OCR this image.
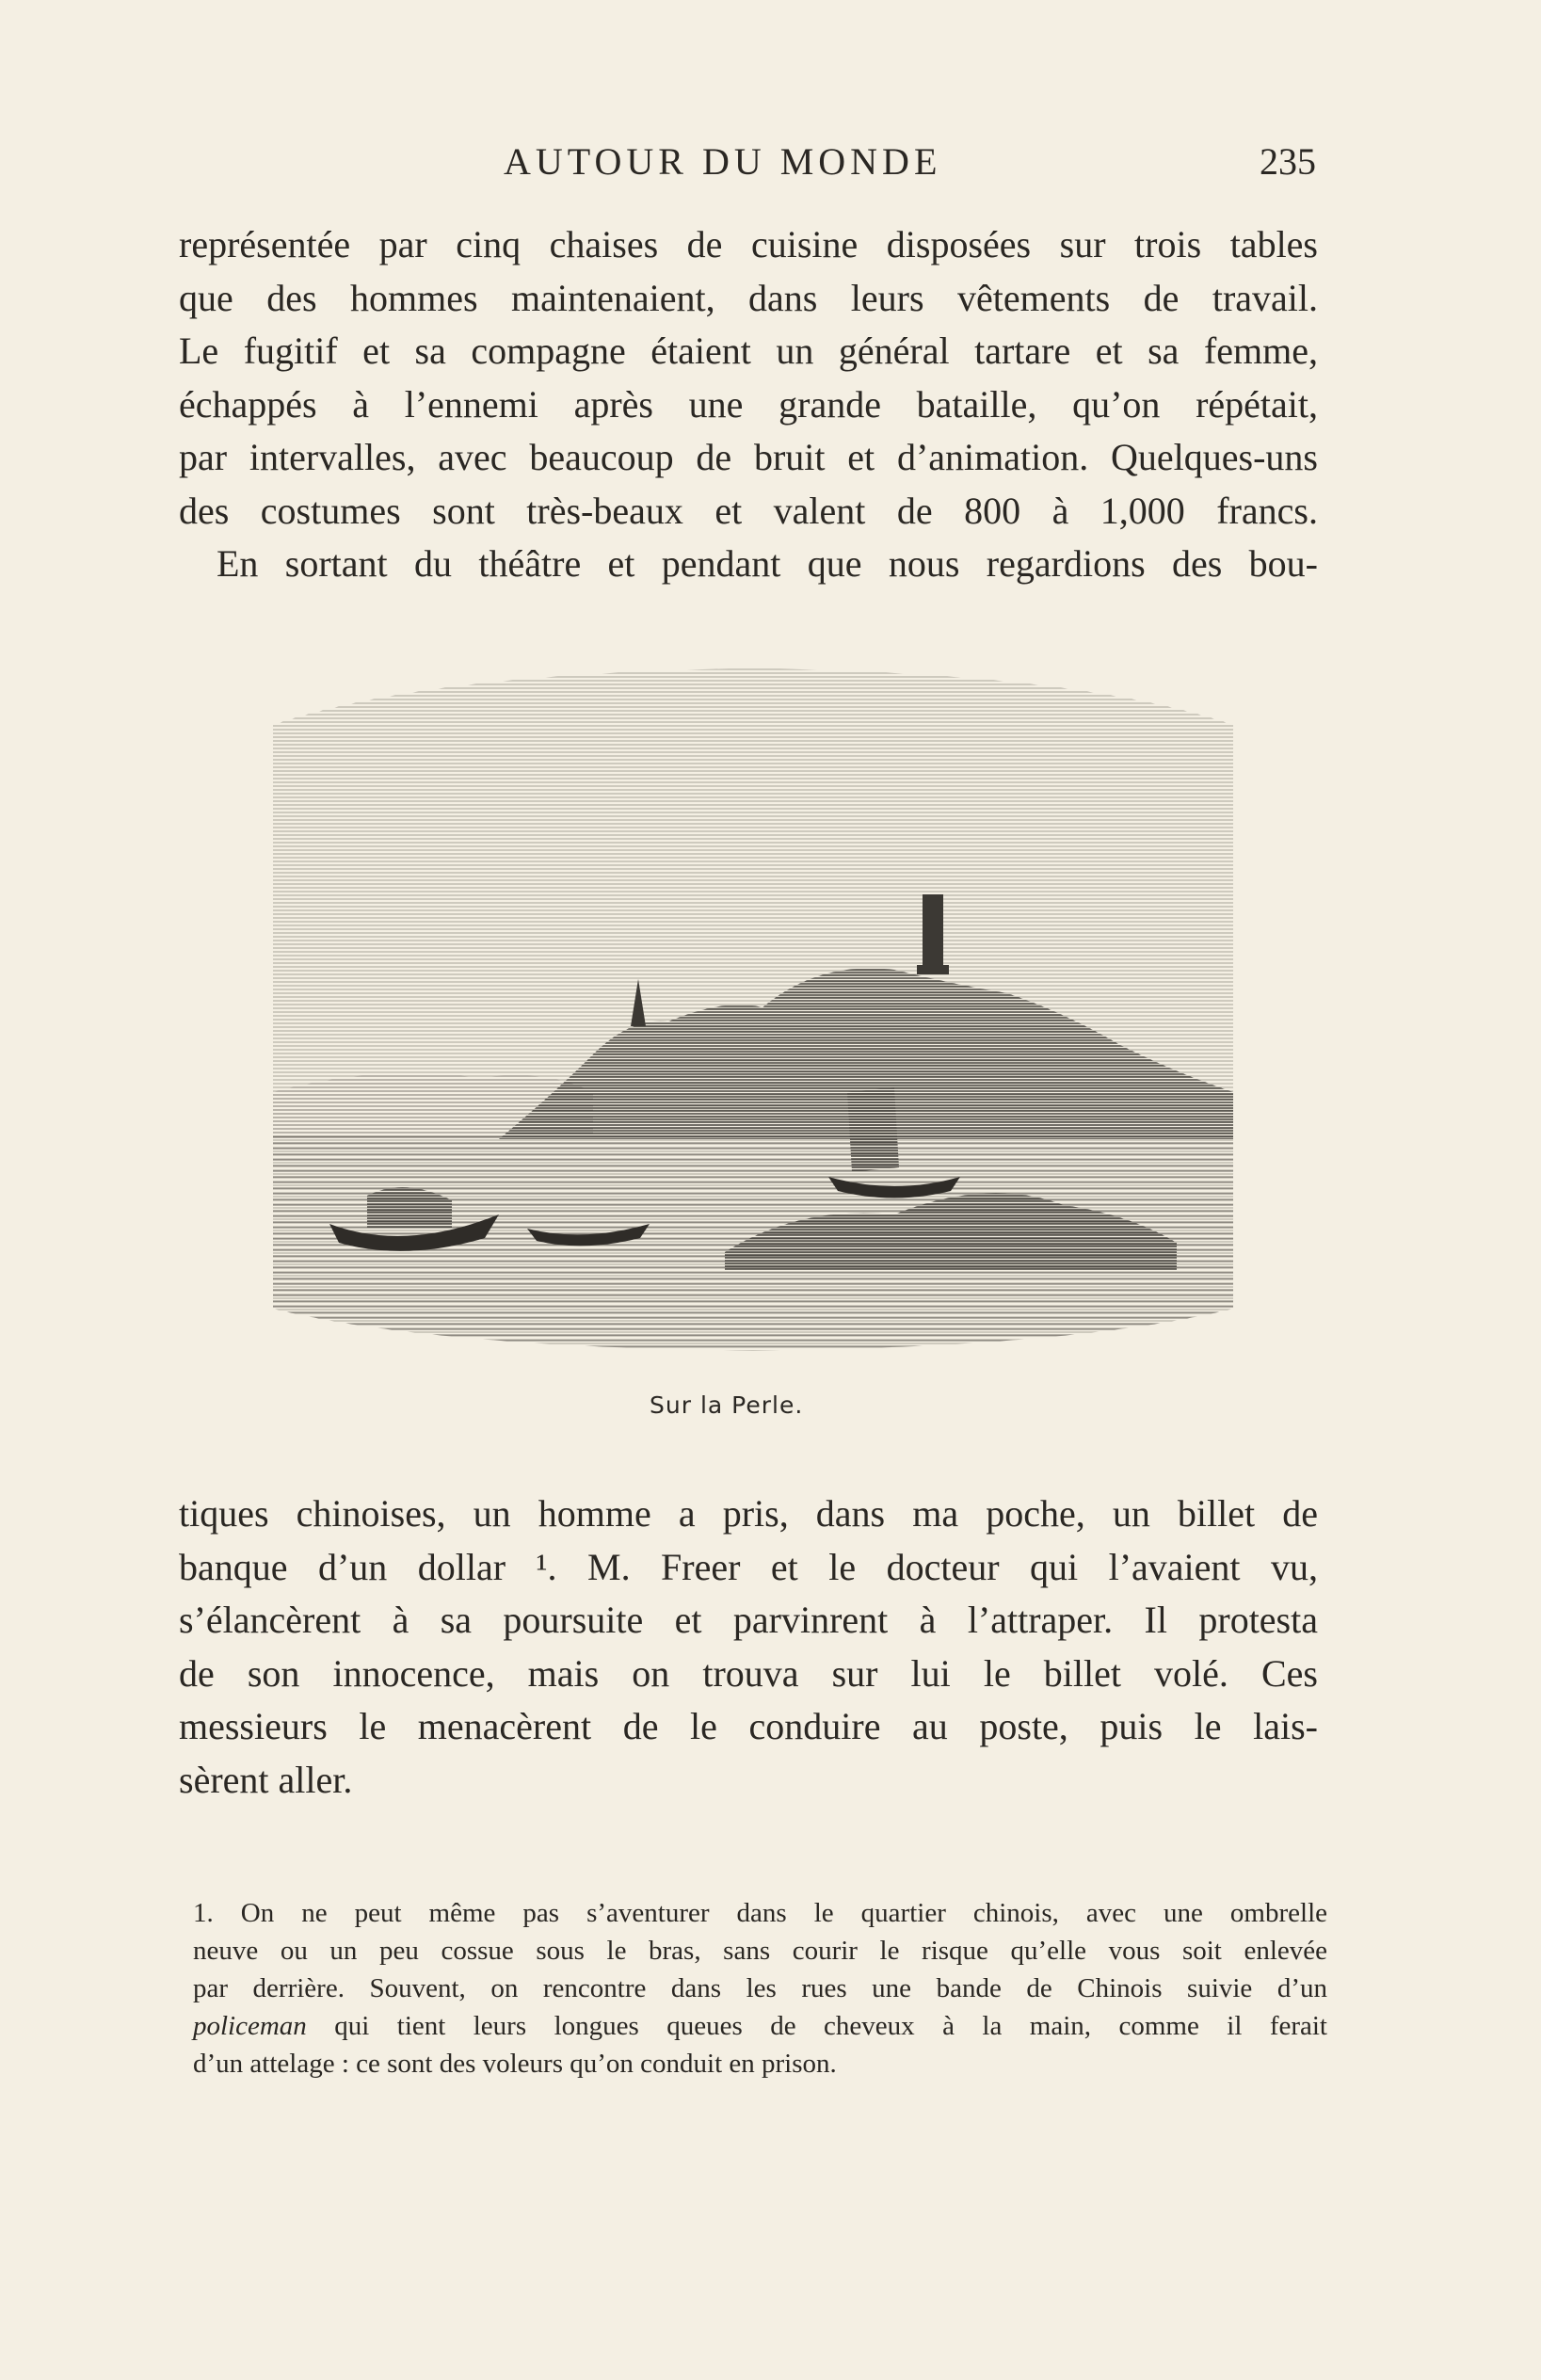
AUTOUR DU MONDE	235
représentée par cinq chaises de cuisine disposées sur trois tables
que des hommes maintenaient, dans leurs vêtements de travail.
Le fugitif et sa compagne étaient un général tartare et sa femme,
échappés à l’ennemi après une grande bataille, qu’on répétait,
par intervalles, avec beaucoup de bruit et d’animation. Quelques-uns
des costumes sont très-beaux et valent de 800 à 1,000 francs.
En sortant du théâtre et pendant que nous regardions des bou-
Sur la Perle.
tiques chinoises, un homme a pris, dans ma poche, un billet de
banque d’un dollar ¹. M. Freer et le docteur qui l’avaient vu,
s’élancèrent à sa poursuite et parvinrent à l’attraper. Il protesta
de son innocence, mais on trouva sur lui le billet volé. Ces
messieurs le menacèrent de le conduire au poste, puis le lais-
sèrent aller.
1. On ne peut même pas s’aventurer dans le quartier chinois, avec une ombrelle
neuve ou un peu cossue sous le bras, sans courir le risque qu’elle vous soit enlevée
par derrière. Souvent, on rencontre dans les rues une bande de Chinois suivie d’un
policeman qui tient leurs longues queues de cheveux à la main, comme il ferait
d’un attelage : ce sont des voleurs qu’on conduit en prison.
